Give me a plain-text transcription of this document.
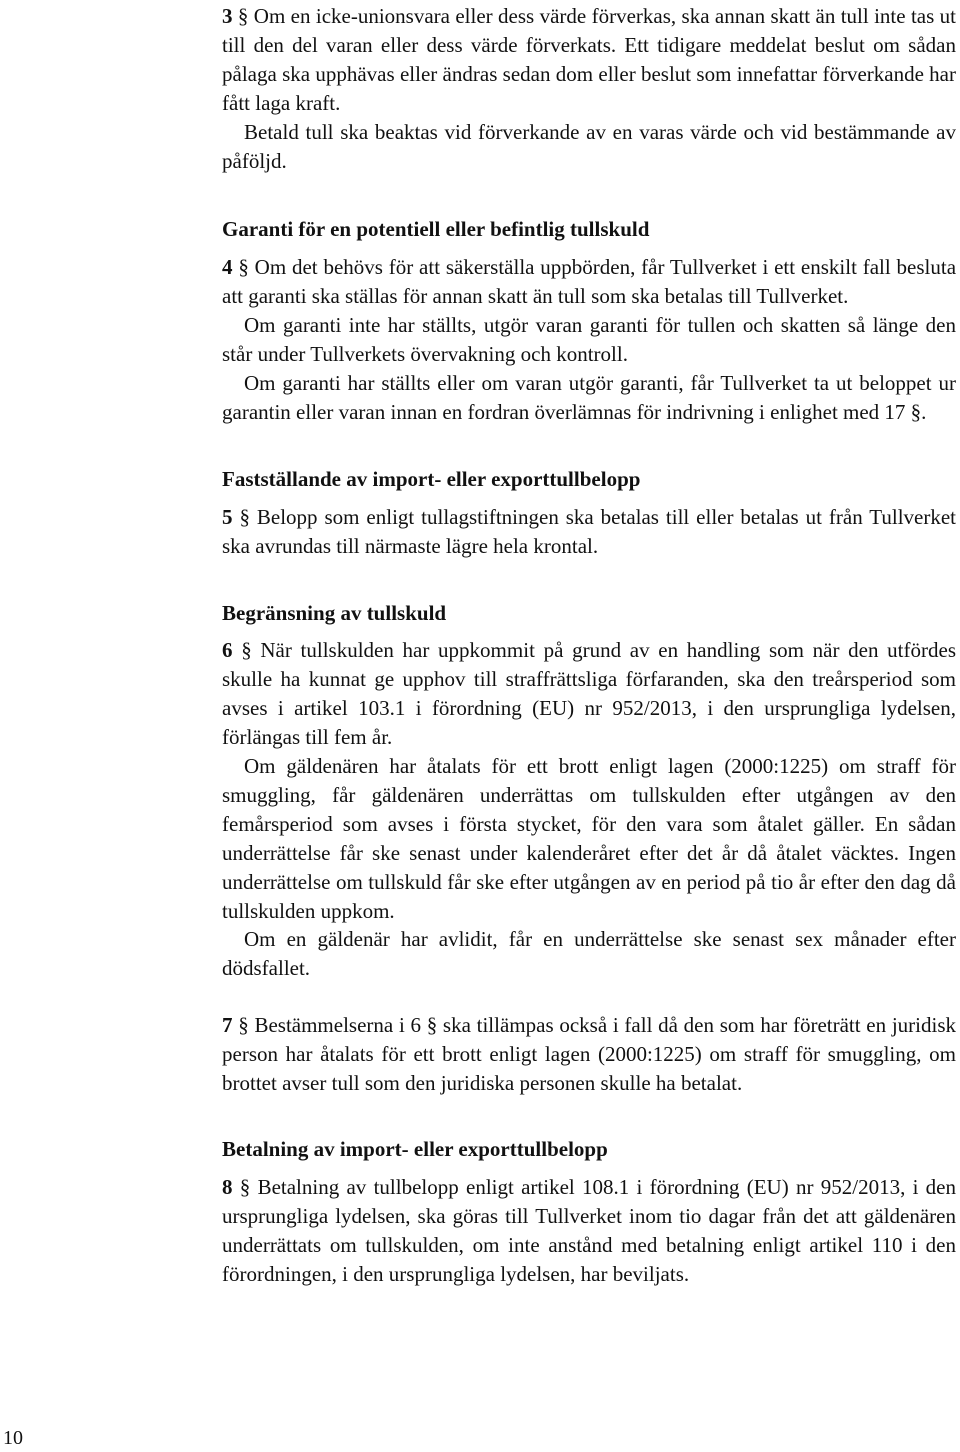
3 § Om en icke-unionsvara eller dess värde förverkas, ska annan skatt än tull inte tas ut till den del varan eller dess värde förverkats. Ett tidigare meddelat beslut om sådan pålaga ska upphävas eller ändras sedan dom eller beslut som innefattar förverkande har fått laga kraft.

Betald tull ska beaktas vid förverkande av en varas värde och vid bestämmande av påföljd.

Garanti för en potentiell eller befintlig tullskuld

4 § Om det behövs för att säkerställa uppbörden, får Tullverket i ett enskilt fall besluta att garanti ska ställas för annan skatt än tull som ska betalas till Tullverket.

Om garanti inte har ställts, utgör varan garanti för tullen och skatten så länge den står under Tullverkets övervakning och kontroll.

Om garanti har ställts eller om varan utgör garanti, får Tullverket ta ut beloppet ur garantin eller varan innan en fordran överlämnas för indrivning i enlighet med 17 §.

Fastställande av import- eller exporttullbelopp

5 § Belopp som enligt tullagstiftningen ska betalas till eller betalas ut från Tullverket ska avrundas till närmaste lägre hela krontal.

Begränsning av tullskuld

6 § När tullskulden har uppkommit på grund av en handling som när den utfördes skulle ha kunnat ge upphov till straffrättsliga förfaranden, ska den treårsperiod som avses i artikel 103.1 i förordning (EU) nr 952/2013, i den ursprungliga lydelsen, förlängas till fem år.

Om gäldenären har åtalats för ett brott enligt lagen (2000:1225) om straff för smuggling, får gäldenären underrättas om tullskulden efter utgången av den femårsperiod som avses i första stycket, för den vara som åtalet gäller. En sådan underrättelse får ske senast under kalenderåret efter det år då åtalet väcktes. Ingen underrättelse om tullskuld får ske efter utgången av en period på tio år efter den dag då tullskulden uppkom.

Om en gäldenär har avlidit, får en underrättelse ske senast sex månader efter dödsfallet.

7 § Bestämmelserna i 6 § ska tillämpas också i fall då den som har företrätt en juridisk person har åtalats för ett brott enligt lagen (2000:1225) om straff för smuggling, om brottet avser tull som den juridiska personen skulle ha betalat.

Betalning av import- eller exporttullbelopp

8 § Betalning av tullbelopp enligt artikel 108.1 i förordning (EU) nr 952/2013, i den ursprungliga lydelsen, ska göras till Tullverket inom tio dagar från det att gäldenären underrättats om tullskulden, om inte anstånd med betalning enligt artikel 110 i den förordningen, i den ursprungliga lydelsen, har beviljats.

10
